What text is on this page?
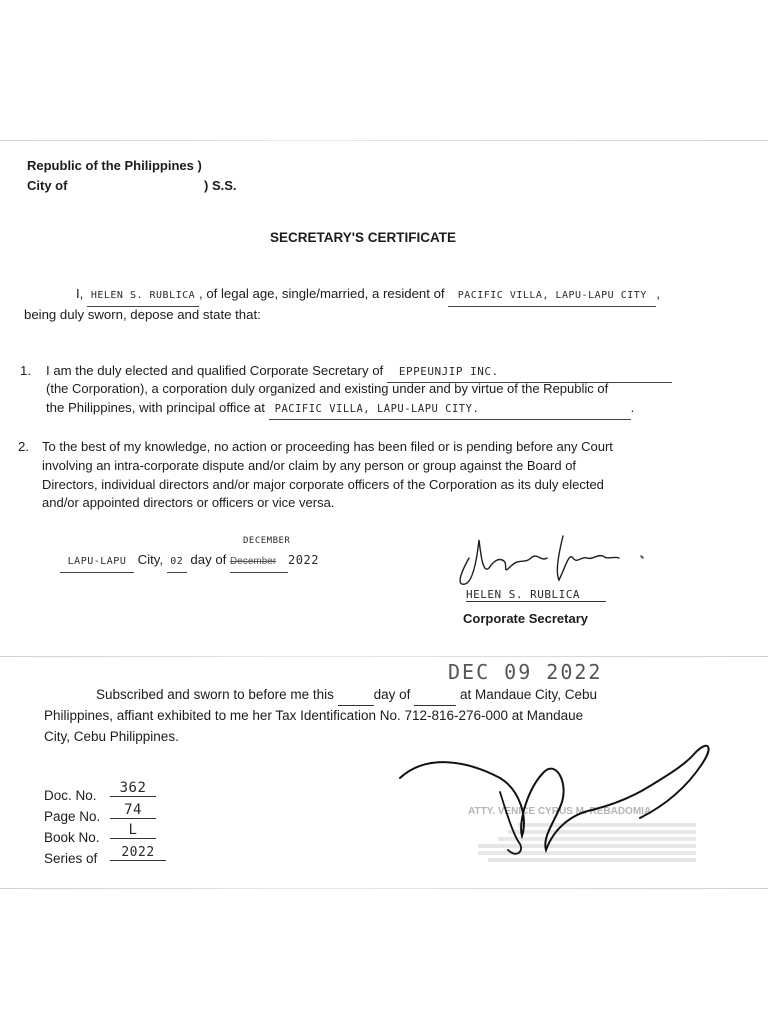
Republic of the Philippines )
City of	) S.S.
SECRETARY'S CERTIFICATE
I, HELEN S. RUBLICA , of legal age, single/married, a resident of PACIFIC VILLA, LAPU-LAPU CITY ,
being duly sworn, depose and state that:
1. I am the duly elected and qualified Corporate Secretary of EPPEUNJIP INC.
(the Corporation), a corporation duly organized and existing under and by virtue of the Republic of
the Philippines, with principal office at PACIFIC VILLA, LAPU-LAPU CITY.	.
2. To the best of my knowledge, no action or proceeding has been filed or is pending before any Court
involving an intra-corporate dispute and/or claim by any person or group against the Board of
Directors, individual directors and/or major corporate officers of the Corporation as its duly elected
and/or appointed directors or officers or vice versa.
LAPU-LAPU City, 02 day of December 2022
DECEMBER
HELEN S. RUBLICA
Corporate Secretary
DEC 09 2022
Subscribed and sworn to before me this	day of	at Mandaue City, Cebu
Philippines, affiant exhibited to me her Tax Identification No. 712-816-276-000 at Mandaue
City, Cebu Philippines.
ATTY. VENICE CYRUS M. REBADOMIA
Doc. No.	362
Page No.	74
Book No.	L
Series of	2022
